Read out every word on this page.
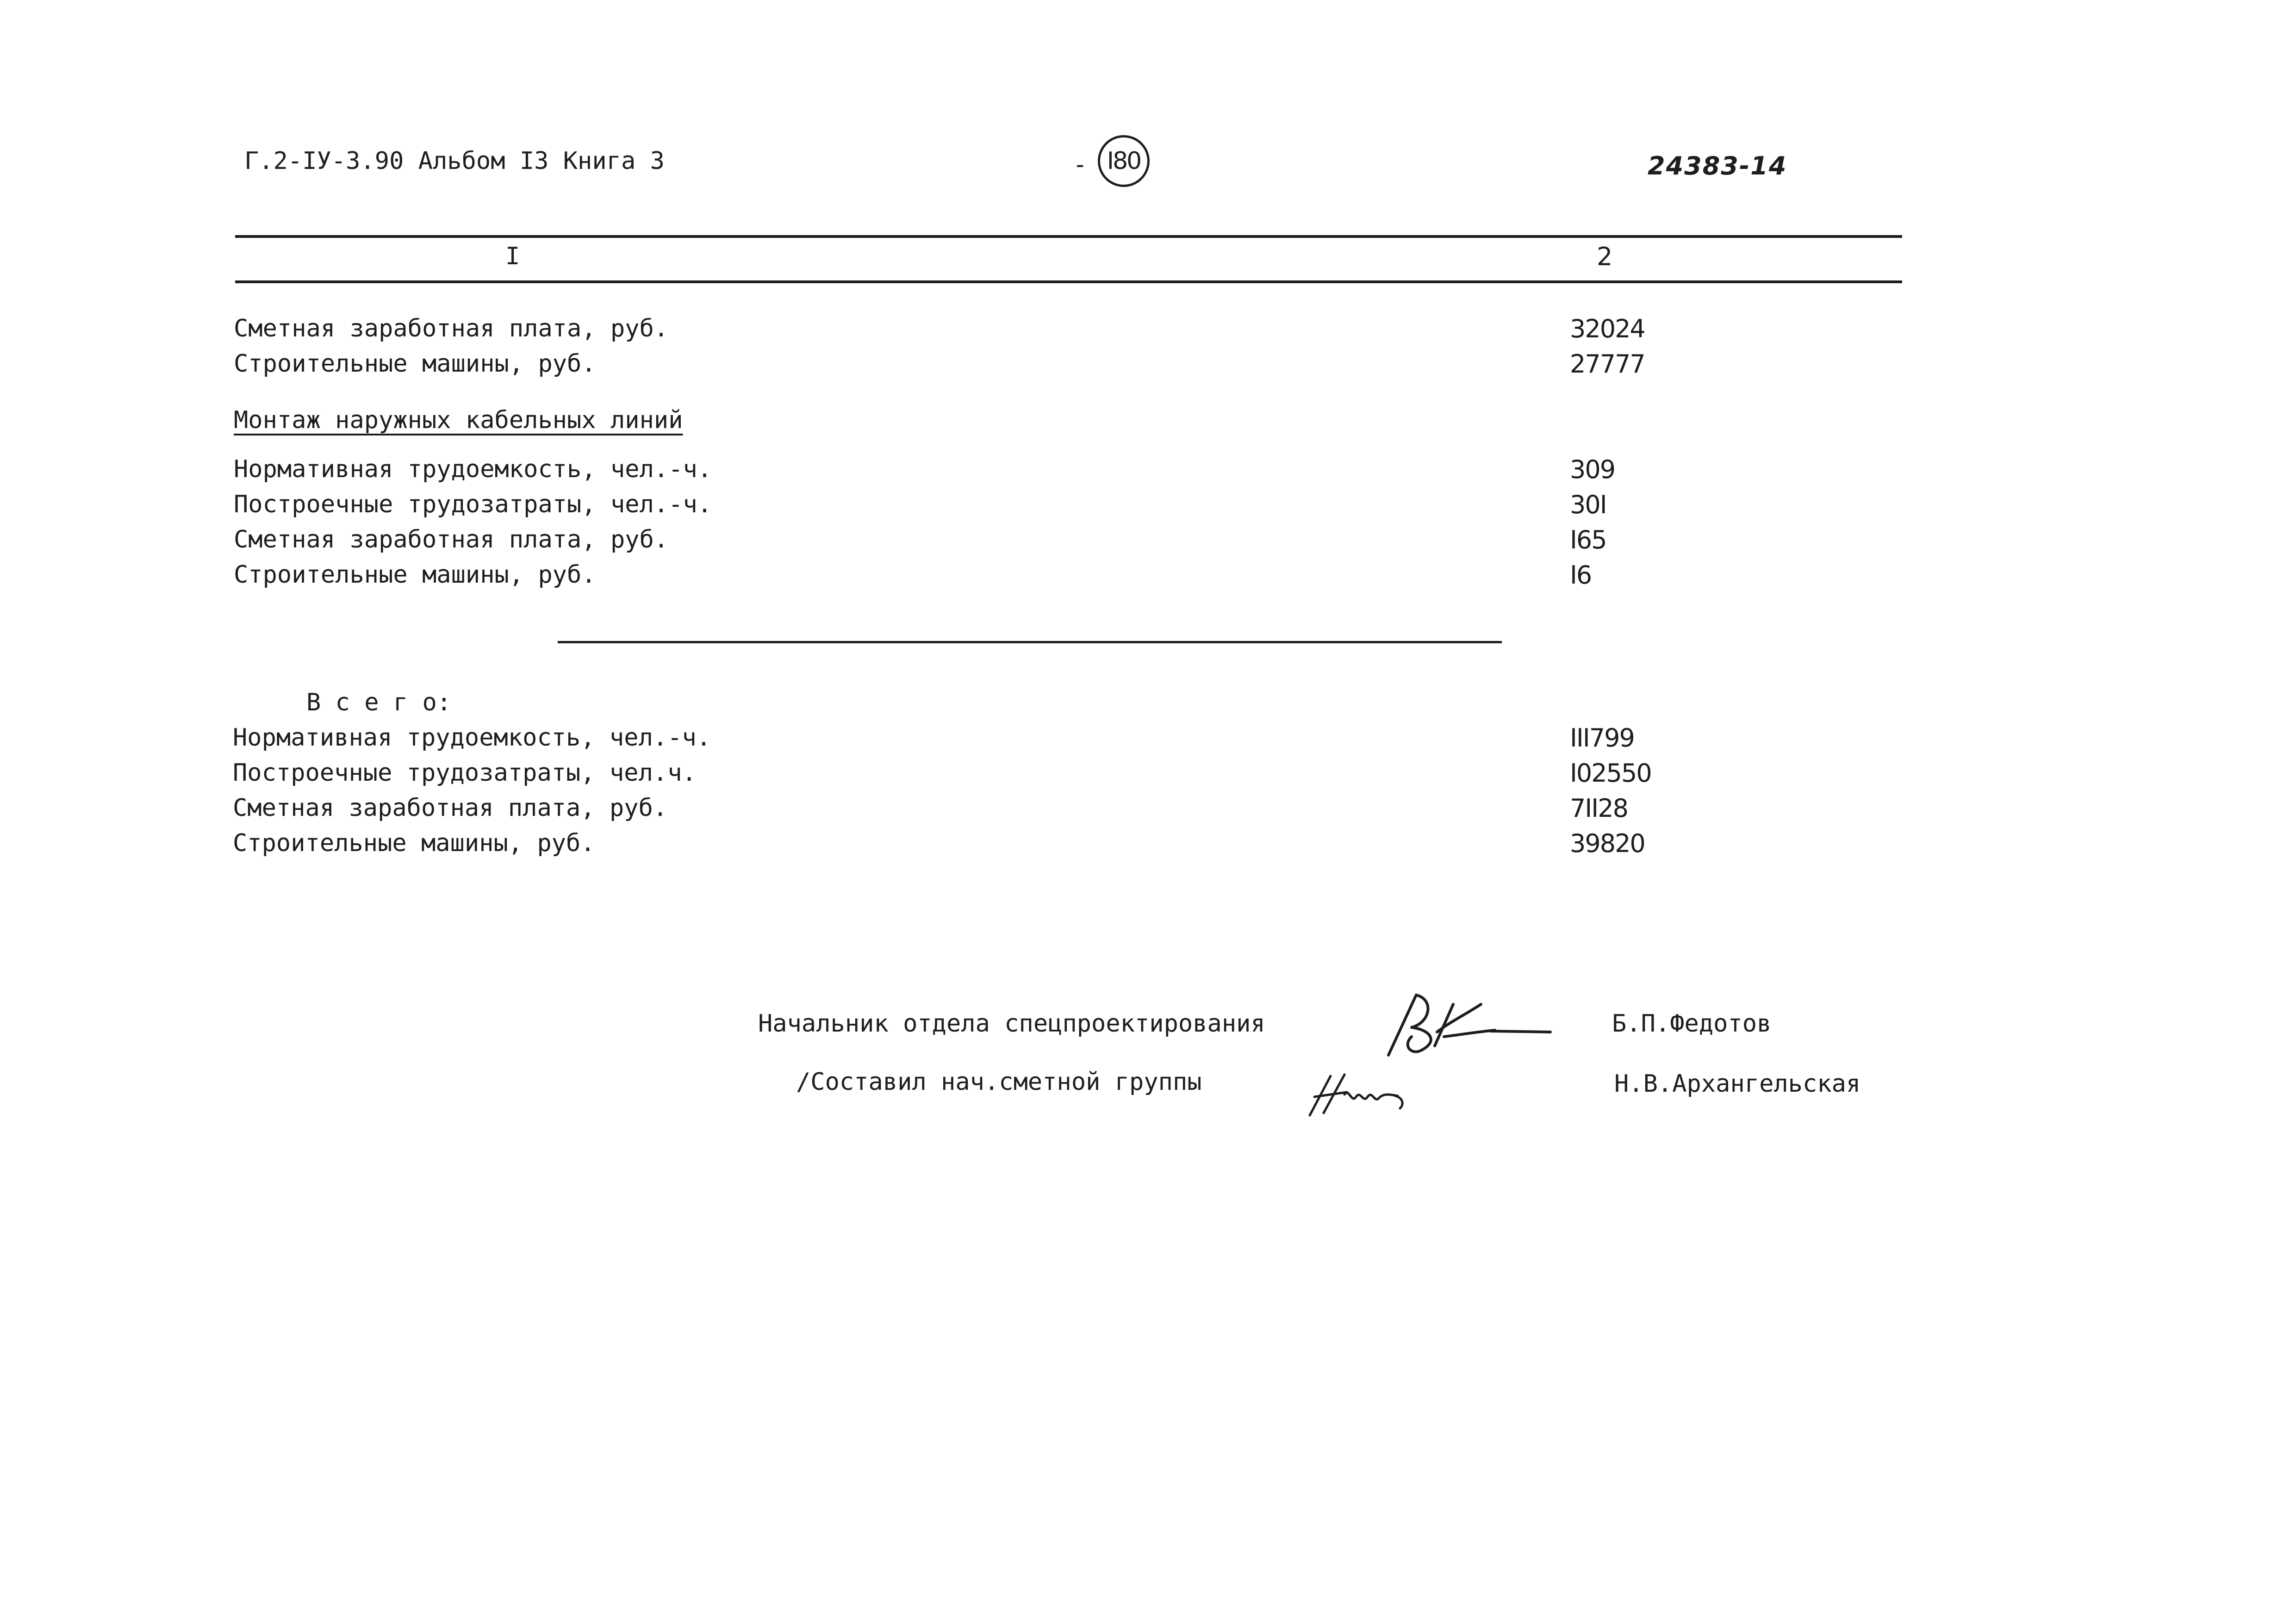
Г.2-IУ-3.90 Альбом I3 Книга 3	- I80	24383-14
I	2
Сметная заработная плата, руб.	32024
Строительные машины, руб.	27777
Монтаж наружных кабельных линий
Нормативная трудоемкость, чел.-ч.	309
Построечные трудозатраты, чел.-ч.	30I
Сметная заработная плата, руб.	I65
Строительные машины, руб.	I6
В с е г о:
Нормативная трудоемкость, чел.-ч.	III799
Построечные трудозатраты, чел.ч.	I02550
Сметная заработная плата, руб.	7II28
Строительные машины, руб.	39820
Начальник отдела спецпроектирования	Б.П.Федотов
/Составил нач.сметной группы	Н.В.Архангельская
